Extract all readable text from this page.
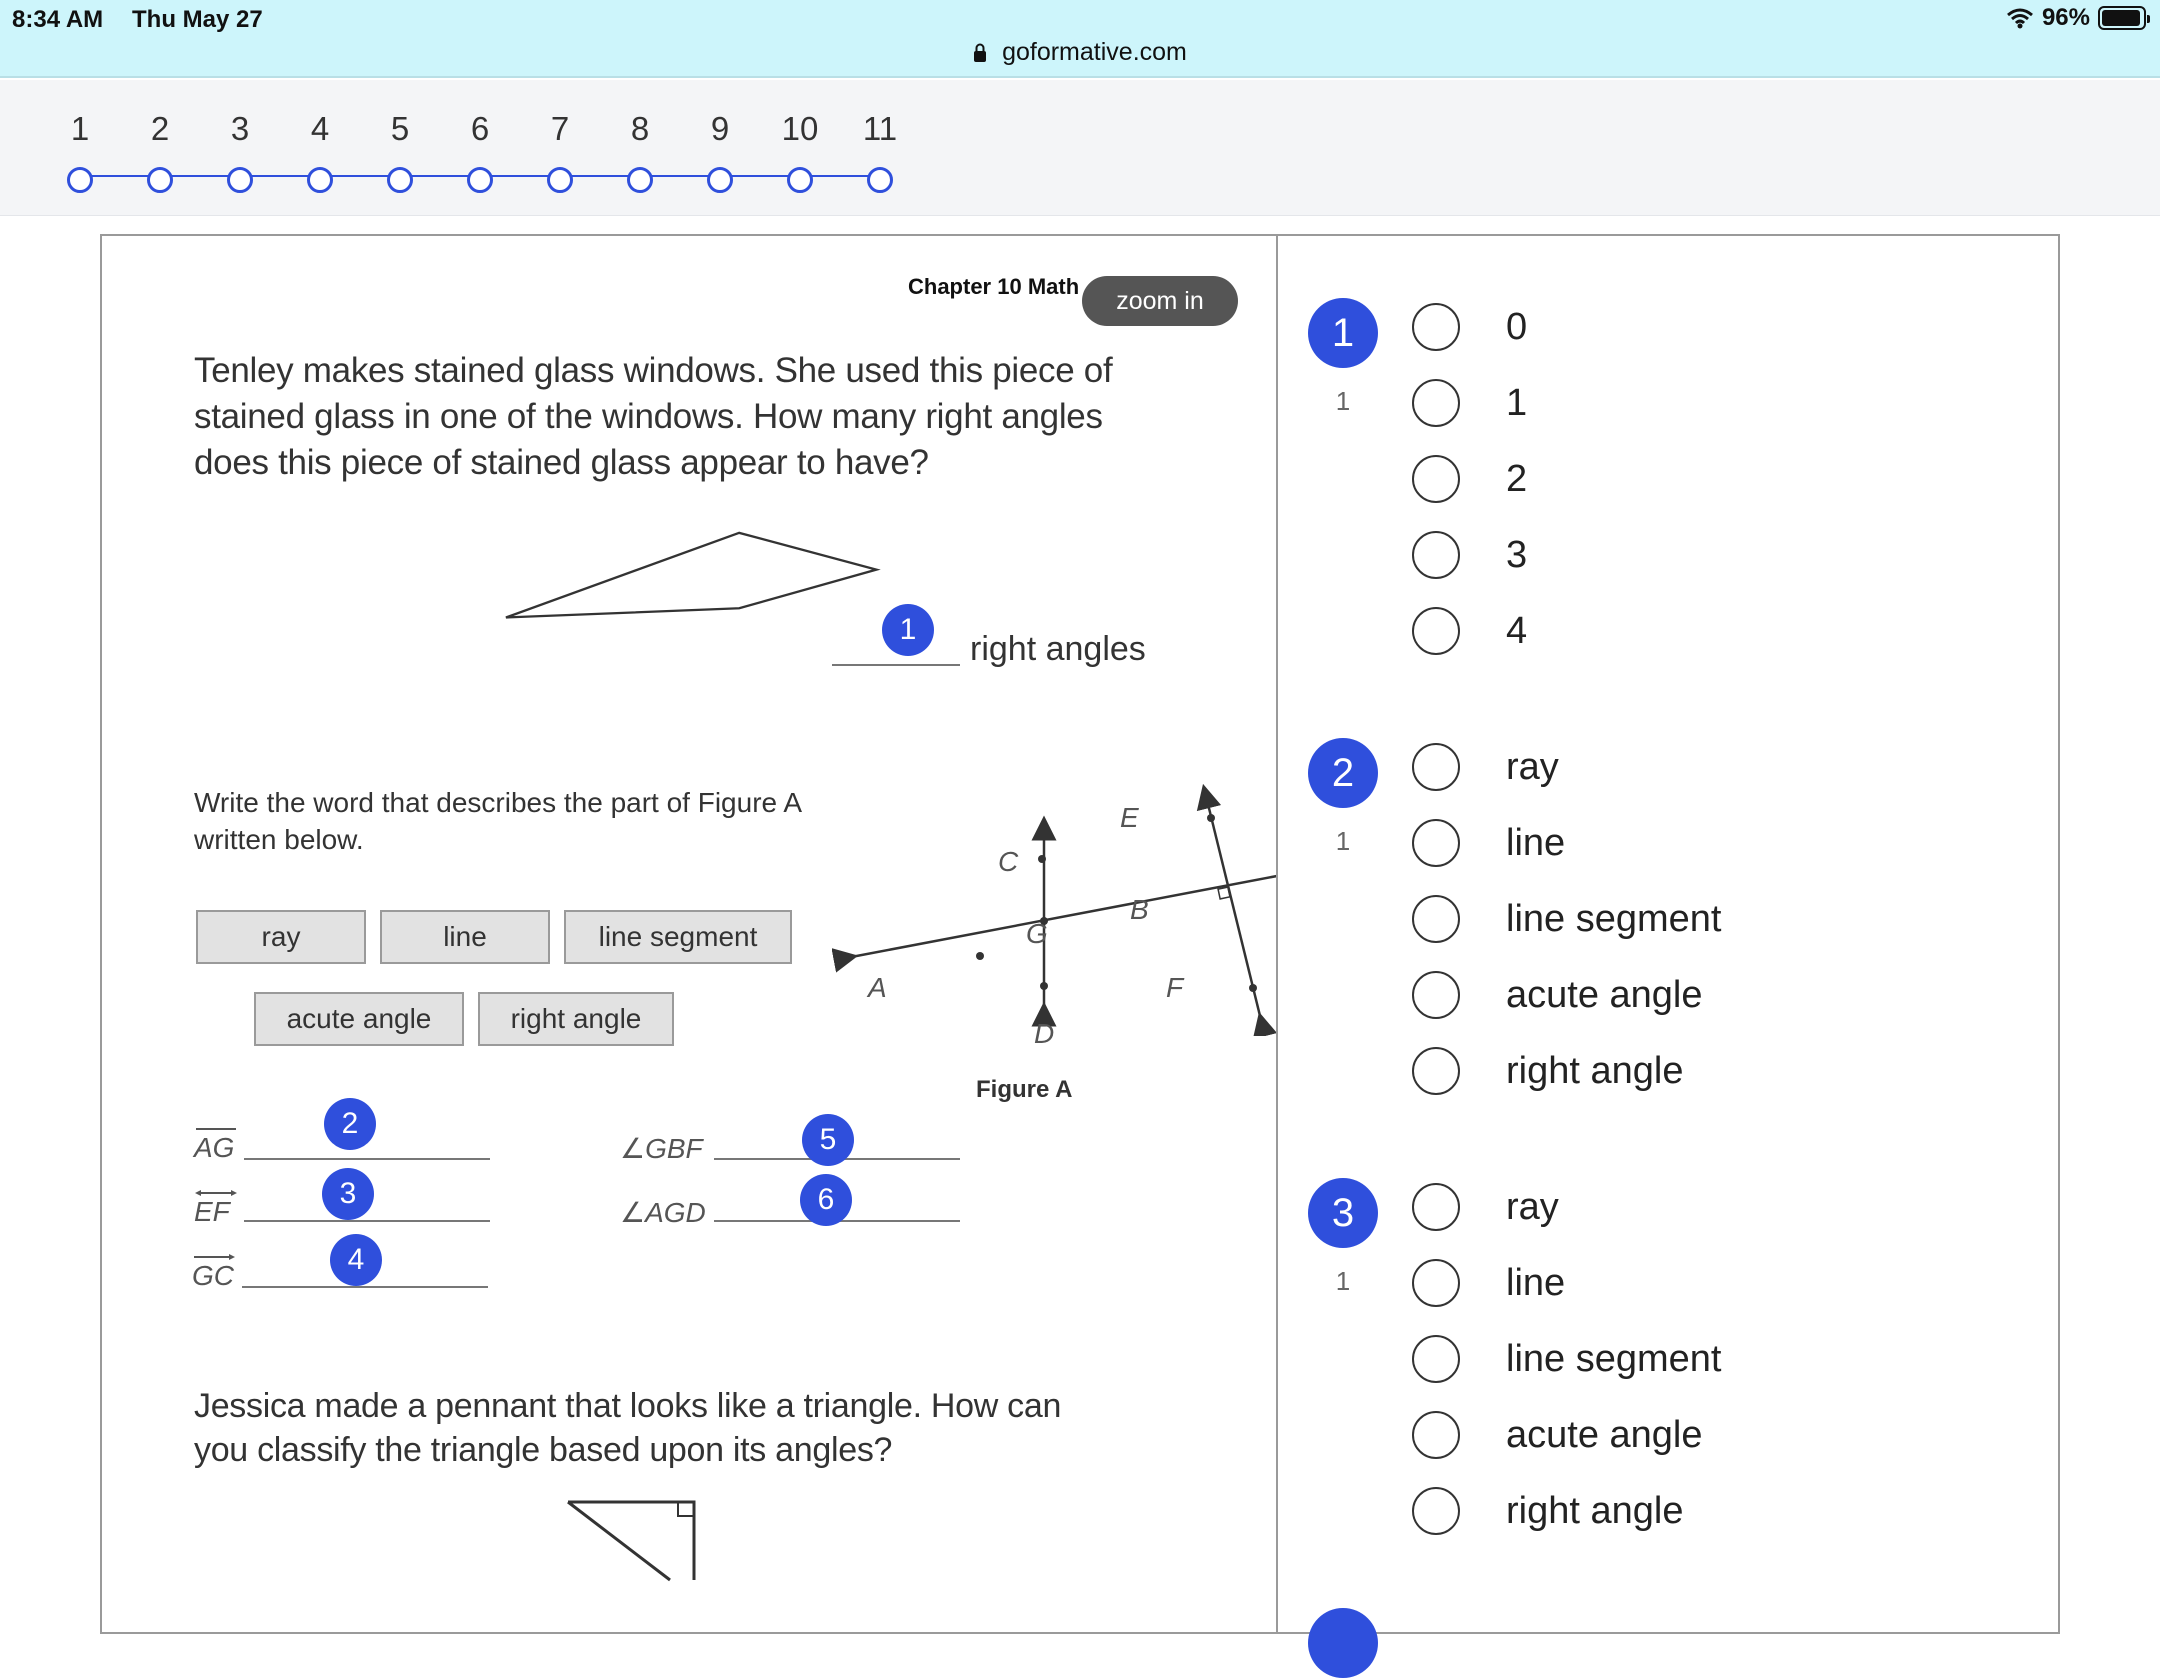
8:34 AM Thu May 27
goformative.com
96%
1	2	3	4	5	6	7	8	9	10	11
Chapter 10 Math
zoom in
Tenley makes stained glass windows. She used this piece of
stained glass in one of the windows. How many right angles
does this piece of stained glass appear to have?
1
right angles
Write the word that describes the part of Figure A
written below.
ray	line	line segment
acute angle	right angle
A
B
C
D
E
F
G
Figure A
AG
2
EF
3
GC	4
∠GBF	5
∠AGD	6
Jessica made a pennant that looks like a triangle. How can
you classify the triangle based upon its angles?
1
1
0
1
2
3
4
2
1
ray
line
line segment
acute angle
right angle
3
1
ray
line
line segment
acute angle
right angle
